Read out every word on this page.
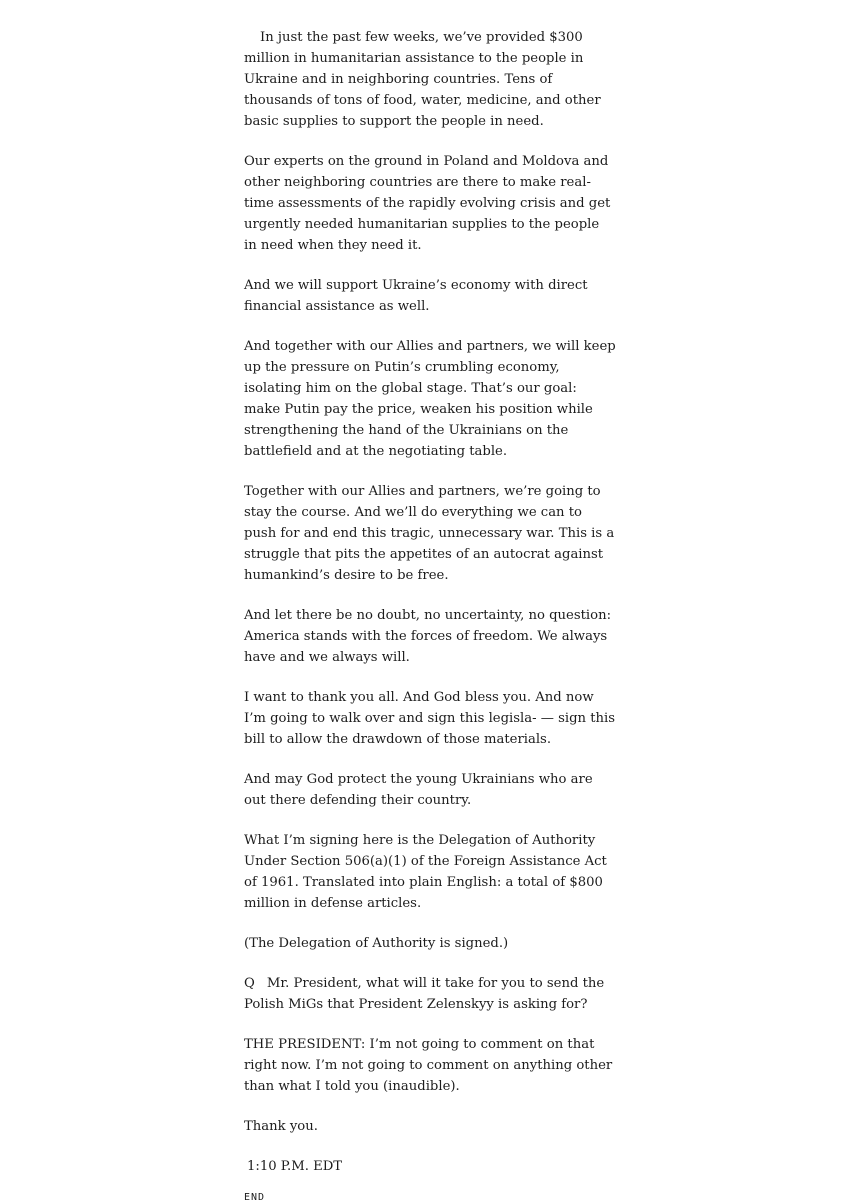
In just the past few weeks, we’ve provided $300 million in humanitarian assistance to the people in Ukraine and in neighboring countries. Tens of thousands of tons of food, water, medicine, and other basic supplies to support the people in need.

Our experts on the ground in Poland and Moldova and other neighboring countries are there to make real-time assessments of the rapidly evolving crisis and get urgently needed humanitarian supplies to the people in need when they need it.

And we will support Ukraine’s economy with direct financial assistance as well.

And together with our Allies and partners, we will keep up the pressure on Putin’s crumbling economy, isolating him on the global stage. That’s our goal: make Putin pay the price, weaken his position while strengthening the hand of the Ukrainians on the battlefield and at the negotiating table.

Together with our Allies and partners, we’re going to stay the course. And we’ll do everything we can to push for and end this tragic, unnecessary war. This is a struggle that pits the appetites of an autocrat against humankind’s desire to be free.

And let there be no doubt, no uncertainty, no question: America stands with the forces of freedom. We always have and we always will.

I want to thank you all. And God bless you. And now I’m going to walk over and sign this legisla- — sign this bill to allow the drawdown of those materials.

And may God protect the young Ukrainians who are out there defending their country.

What I’m signing here is the Delegation of Authority Under Section 506(a)(1) of the Foreign Assistance Act of 1961. Translated into plain English: a total of $800 million in defense articles.

(The Delegation of Authority is signed.)

Q Mr. President, what will it take for you to send the Polish MiGs that President Zelenskyy is asking for?

THE PRESIDENT: I’m not going to comment on that right now. I’m not going to comment on anything other than what I told you (inaudible).

Thank you.

1:10 P.M. EDT

END
